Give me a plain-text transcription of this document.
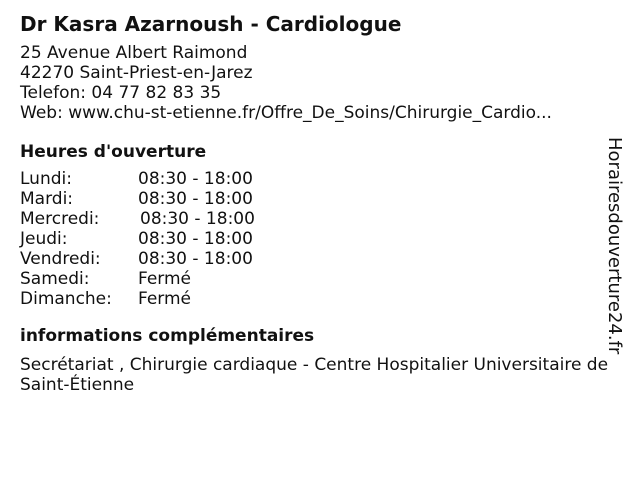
Dr Kasra Azarnoush - Cardiologue
25 Avenue Albert Raimond
42270 Saint-Priest-en-Jarez
Telefon: 04 77 82 83 35
Web: www.chu-st-etienne.fr/Offre_De_Soins/Chirurgie_Cardio...
Heures d'ouverture
Lundi:	08:30 - 18:00
Mardi:	08:30 - 18:00
Mercredi:	08:30 - 18:00
Jeudi:	08:30 - 18:00
Vendredi:	08:30 - 18:00
Samedi:	Fermé
Dimanche:	Fermé
informations complémentaires
Secrétariat , Chirurgie cardiaque - Centre Hospitalier Universitaire de Saint-Étienne
Horairesdouverture24.fr
